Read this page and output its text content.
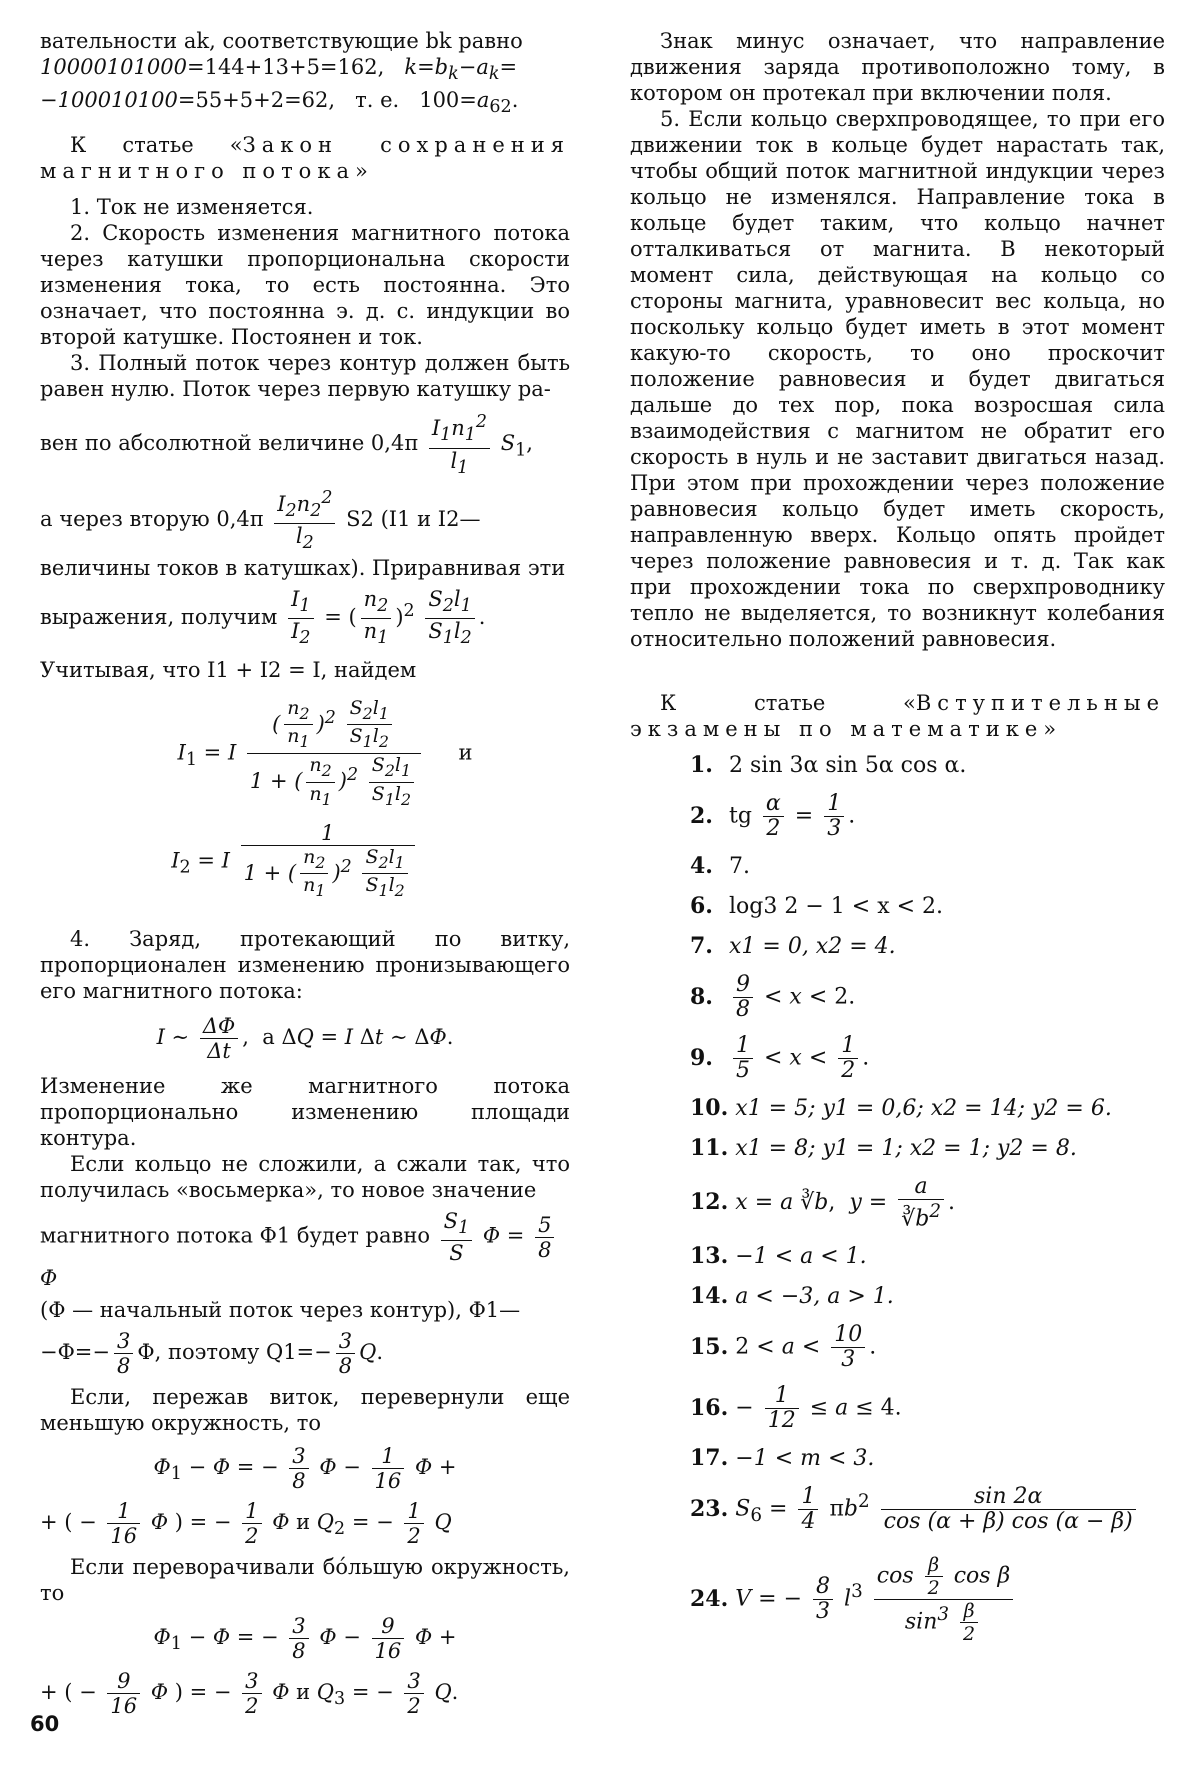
вательности ak, соответствующие bk равно

10000101000=144+13+5=162,   $k=b_k-a_k=$

−10001010​0=55+5+2=62,   т. е.   $100=a_{62}$.

К статье «Закон сохранения магнитного потока»

1. Ток не изменяется.

2. Скорость изменения магнитного потока через катушки пропорциональна скорости изменения тока, то есть постоянна. Это означает, что постоянна э. д. с. индукции во второй катушке. Постоянен и ток.

3. Полный поток через контур должен быть равен нулю. Поток через первую катушку ра-

вен по абсолютной величине $0,4\pi \frac{I_1n_1^2}{l_1} S_1$,
а через вторую $0,4\pi \frac{I_2n_2^2}{l_2} S2$ (I1 и I2—величины токов в катушках). Приравнивая эти
выражения, получим $\frac{I_1}{I_2}$ = ( $\frac{n_2}{n_1} )^2 \frac{S_2l_1}{S_1l_2}$ .

Учитывая, что I1 + I2 = I, найдем

$I_1 = I \frac{( \frac{n_2}{n_1} )^2 \frac{S_2l_1}{S_1l_2}}{1 + ( \frac{n_2}{n_1} )^2 \frac{S_2l_1}{S_1l_2}}$ и
$I_2 = I \frac{1}{1 + ( \frac{n_2}{n_1} )^2 \frac{S_2l_1}{S_1l_2}}$

4. Заряд, протекающий по витку, пропорционален изменению пронизывающего его магнитного потока:

I ∼ $\frac{\Delta\Phi}{\Delta t}$ ,  а ΔQ = I Δt ∼ ΔΦ.

Изменение же магнитного потока пропорционально изменению площади контура.

Если кольцо не сложили, а сжали так, что получилась «восьмерка», то новое значение

магнитного потока Φ1 будет равно $\frac{S_1}{S}$ $\Phi = \frac{5}{8}$
Φ

(Φ — начальный поток через контур), Φ1—

$-\Phi=- \frac{3}{8} \Phi$, поэтому $Q1=- \frac{3}{8} Q$.

Если, пережав виток, перевернули еще меньшую окружность, то

$\Phi_1 - \Phi$ = − $\frac{3}{8}$ $\Phi - \frac{1}{16}$ Φ +
+ ( − $\frac{1}{16}$ Φ ) = − $\frac{1}{2}$ Φ и $Q_2$ = − $\frac{1}{2}$ Q

Если переворачивали бóльшую окружность, то

$\Phi_1 - \Phi$ = − $\frac{3}{8}$ $\Phi - \frac{9}{16}$ Φ +
+ ( − $\frac{9}{16}$ Φ ) = − $\frac{3}{2}$ Φ и $Q_3$ = − $\frac{3}{2} Q$.
60

Знак минус означает, что направление движения заряда противоположно тому, в котором он протекал при включении поля.

5. Если кольцо сверхпроводящее, то при его движении ток в кольце будет нарастать так, чтобы общий поток магнитной индукции через кольцо не изменялся. Направление тока в кольце будет таким, что кольцо начнет отталкиваться от магнита. В некоторый момент сила, действующая на кольцо со стороны магнита, уравновесит вес кольца, но поскольку кольцо будет иметь в этот момент какую-то скорость, то оно проскочит положение равновесия и будет двигаться дальше до тех пор, пока возросшая сила взаимодействия с магнитом не обратит его скорость в нуль и не заставит двигаться назад. При этом при прохождении через положение равновесия кольцо будет иметь скорость, направленную вверх. Кольцо опять пройдет через положение равновесия и т. д. Так как при прохождении тока по сверхпроводнику тепло не выделяется, то возникнут колебания относительно положений равновесия.

К статье «Вступительные экзамены по математике»

1. 2 sin 3α sin 5α cos α.
2. tg $\frac{\alpha}{2} = \frac{1}{3}$ .
4. 7.
6. log3 2 − 1 < x < 2.
7. x1 = 0, x2 = 4.
8. $\frac{9}{8} < x < 2$.
9. $\frac{1}{5} < x < \frac{1}{2}$ .
10. x1 = 5; y1 = 0,6; x2 = 14; y2 = 6.
11. x1 = 8; y1 = 1; x2 = 1; y2 = 8.
12. x = a ∛b,  $y = \frac{a}{∛b^2}$ .
13. −1 < a < 1.
14. a < −3, a > 1.
15. $2 < a < \frac{10}{3}$ .
16. − $\frac{1}{12} \le a \le 4$.
17. −1 < m < 3.
23. $S_6 = \frac{1}{4} \pi b^2 \frac{\sin 2\alpha}{\cos (\alpha + \beta) \cos (\alpha - \beta)}$
24. V = − $\frac{8}{3} l^3 \frac{\cos \frac{\beta}{2} \cos \beta}{\sin^3 \frac{\beta}{2}}$
